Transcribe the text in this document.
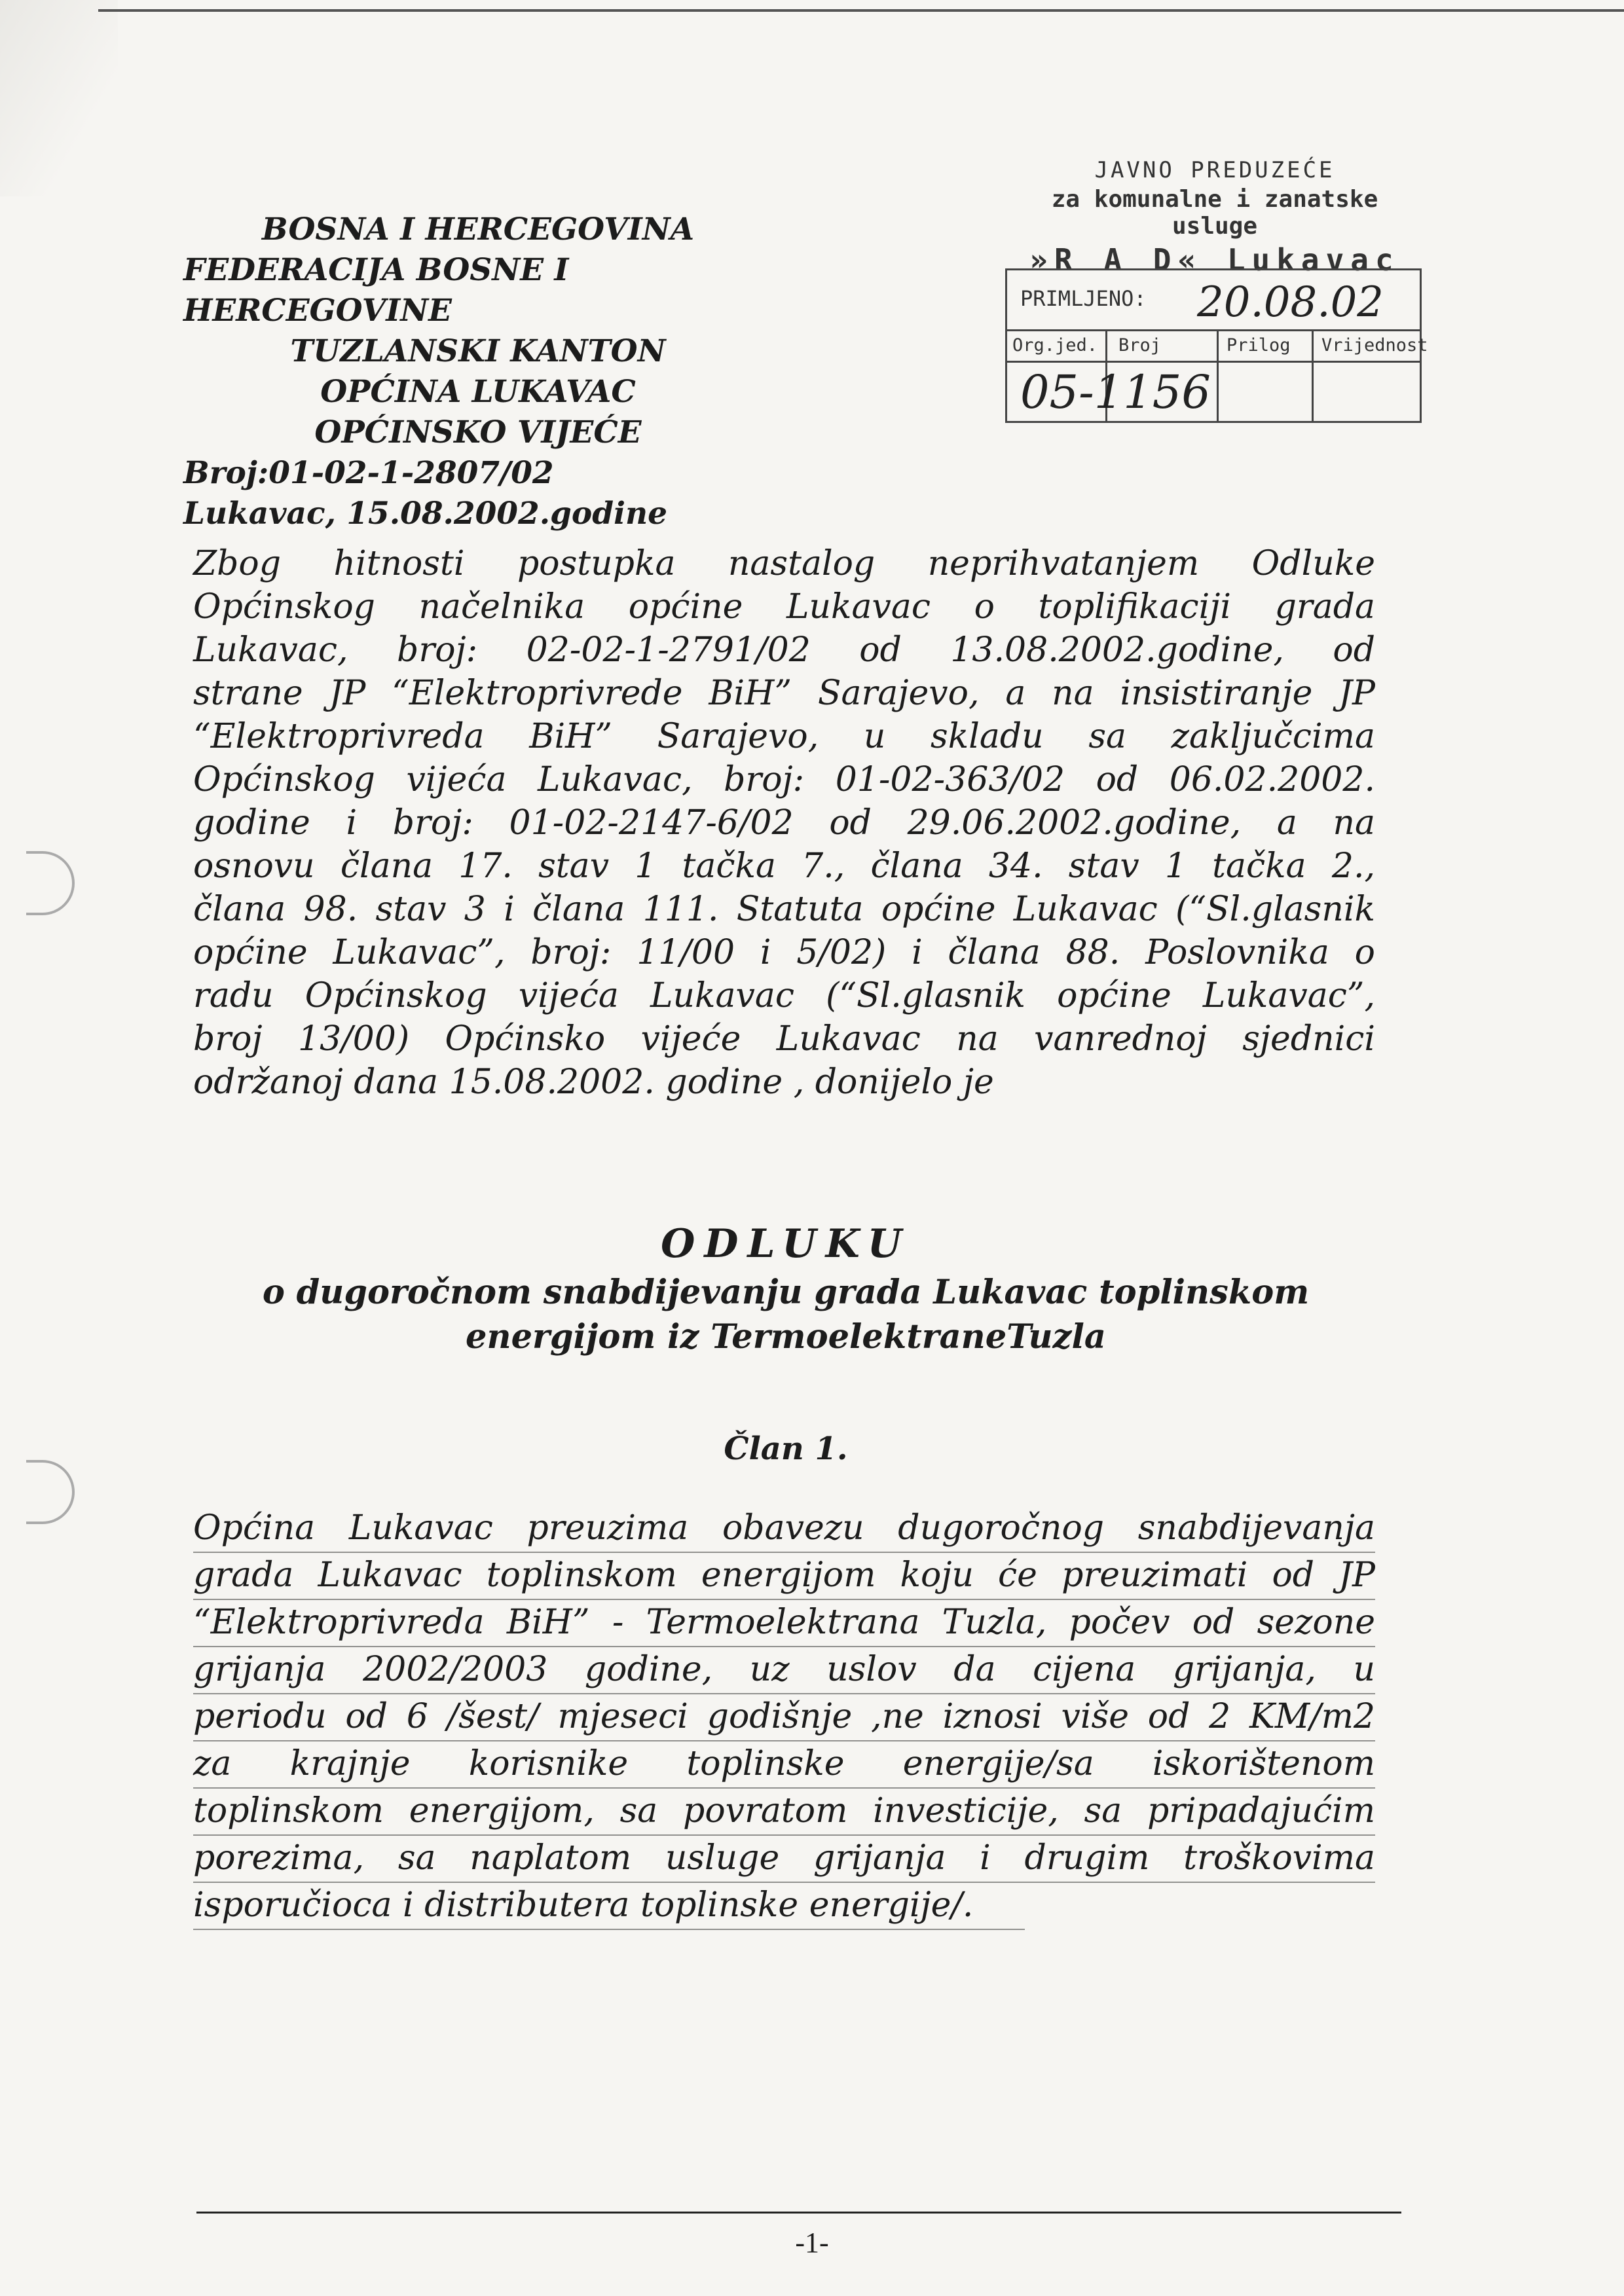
BOSNA I HERCEGOVINA
FEDERACIJA BOSNE I HERCEGOVINE
TUZLANSKI KANTON
OPĆINA LUKAVAC
OPĆINSKO VIJEĆE
Broj:01-02-1-2807/02
Lukavac, 15.08.2002.godine
JAVNO PREDUZEĆE
za komunalne i zanatske usluge
»R A D« Lukavac
PRIMLJENO: 20.08.02
Org.jed. Broj	Prilog Vrijednost
05-1156
Zbog hitnosti postupka nastalog neprihvatanjem Odluke
Općinskog načelnika općine Lukavac o toplifikaciji grada
Lukavac, broj: 02-02-1-2791/02 od 13.08.2002.godine, od
strane JP “Elektroprivrede BiH” Sarajevo, a na insistiranje JP
“Elektroprivreda BiH” Sarajevo, u skladu sa zaključcima
Općinskog vijeća Lukavac, broj: 01-02-363/02 od 06.02.2002.
godine i broj: 01-02-2147-6/02 od 29.06.2002.godine, a na
osnovu člana 17. stav 1 tačka 7., člana 34. stav 1 tačka 2.,
člana 98. stav 3 i člana 111. Statuta općine Lukavac (“Sl.glasnik
općine Lukavac”, broj: 11/00 i 5/02) i člana 88. Poslovnika o
radu Općinskog vijeća Lukavac (“Sl.glasnik općine Lukavac”,
broj 13/00) Općinsko vijeće Lukavac na vanrednoj sjednici
održanoj dana 15.08.2002. godine , donijelo je
ODLUKU
o dugoročnom snabdijevanju grada Lukavac toplinskom
energijom iz TermoelektraneTuzla
Član 1.
Općina Lukavac preuzima obavezu dugoročnog snabdijevanja
grada Lukavac toplinskom energijom koju će preuzimati od JP
“Elektroprivreda BiH” - Termoelektrana Tuzla, počev od sezone
grijanja 2002/2003 godine, uz uslov da cijena grijanja, u
periodu od 6 /šest/ mjeseci godišnje ,ne iznosi više od 2 KM/m2
za krajnje korisnike toplinske energije/sa iskorištenom
toplinskom energijom, sa povratom investicije, sa pripadajućim
porezima, sa naplatom usluge grijanja i drugim troškovima
isporučioca i distributera toplinske energije/.
-1-
